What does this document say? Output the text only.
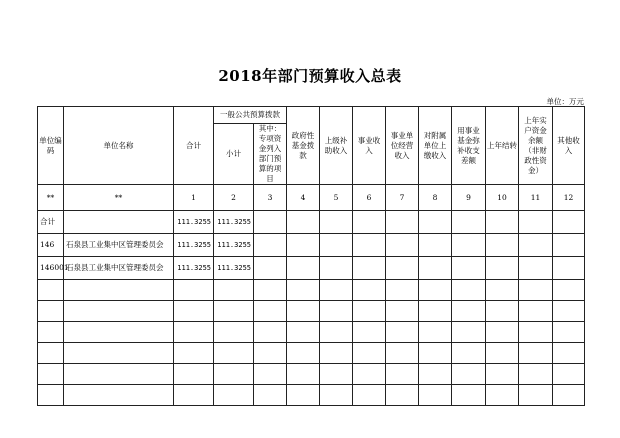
2018年部门预算收入总表
单位：万元
单位编码	单位名称	合计	一般公共预算拨款		政府性基金拨款	上级补助收入	事业收入	事业单位经营收入	对附属单位上缴收入	用事业基金弥补收支差额	上年结转	上年实户资金余额（非财政性资金）	其他收入

			小计	其中：专项资金列入部门预算的项目									

**	**	1	2	3	4	5	6	7	8	9	10	11	12
合计		111.3255	111.3255										
146	石泉县工业集中区管理委员会	111.3255	111.3255										
146001	石泉县工业集中区管理委员会	111.3255	111.3255										
